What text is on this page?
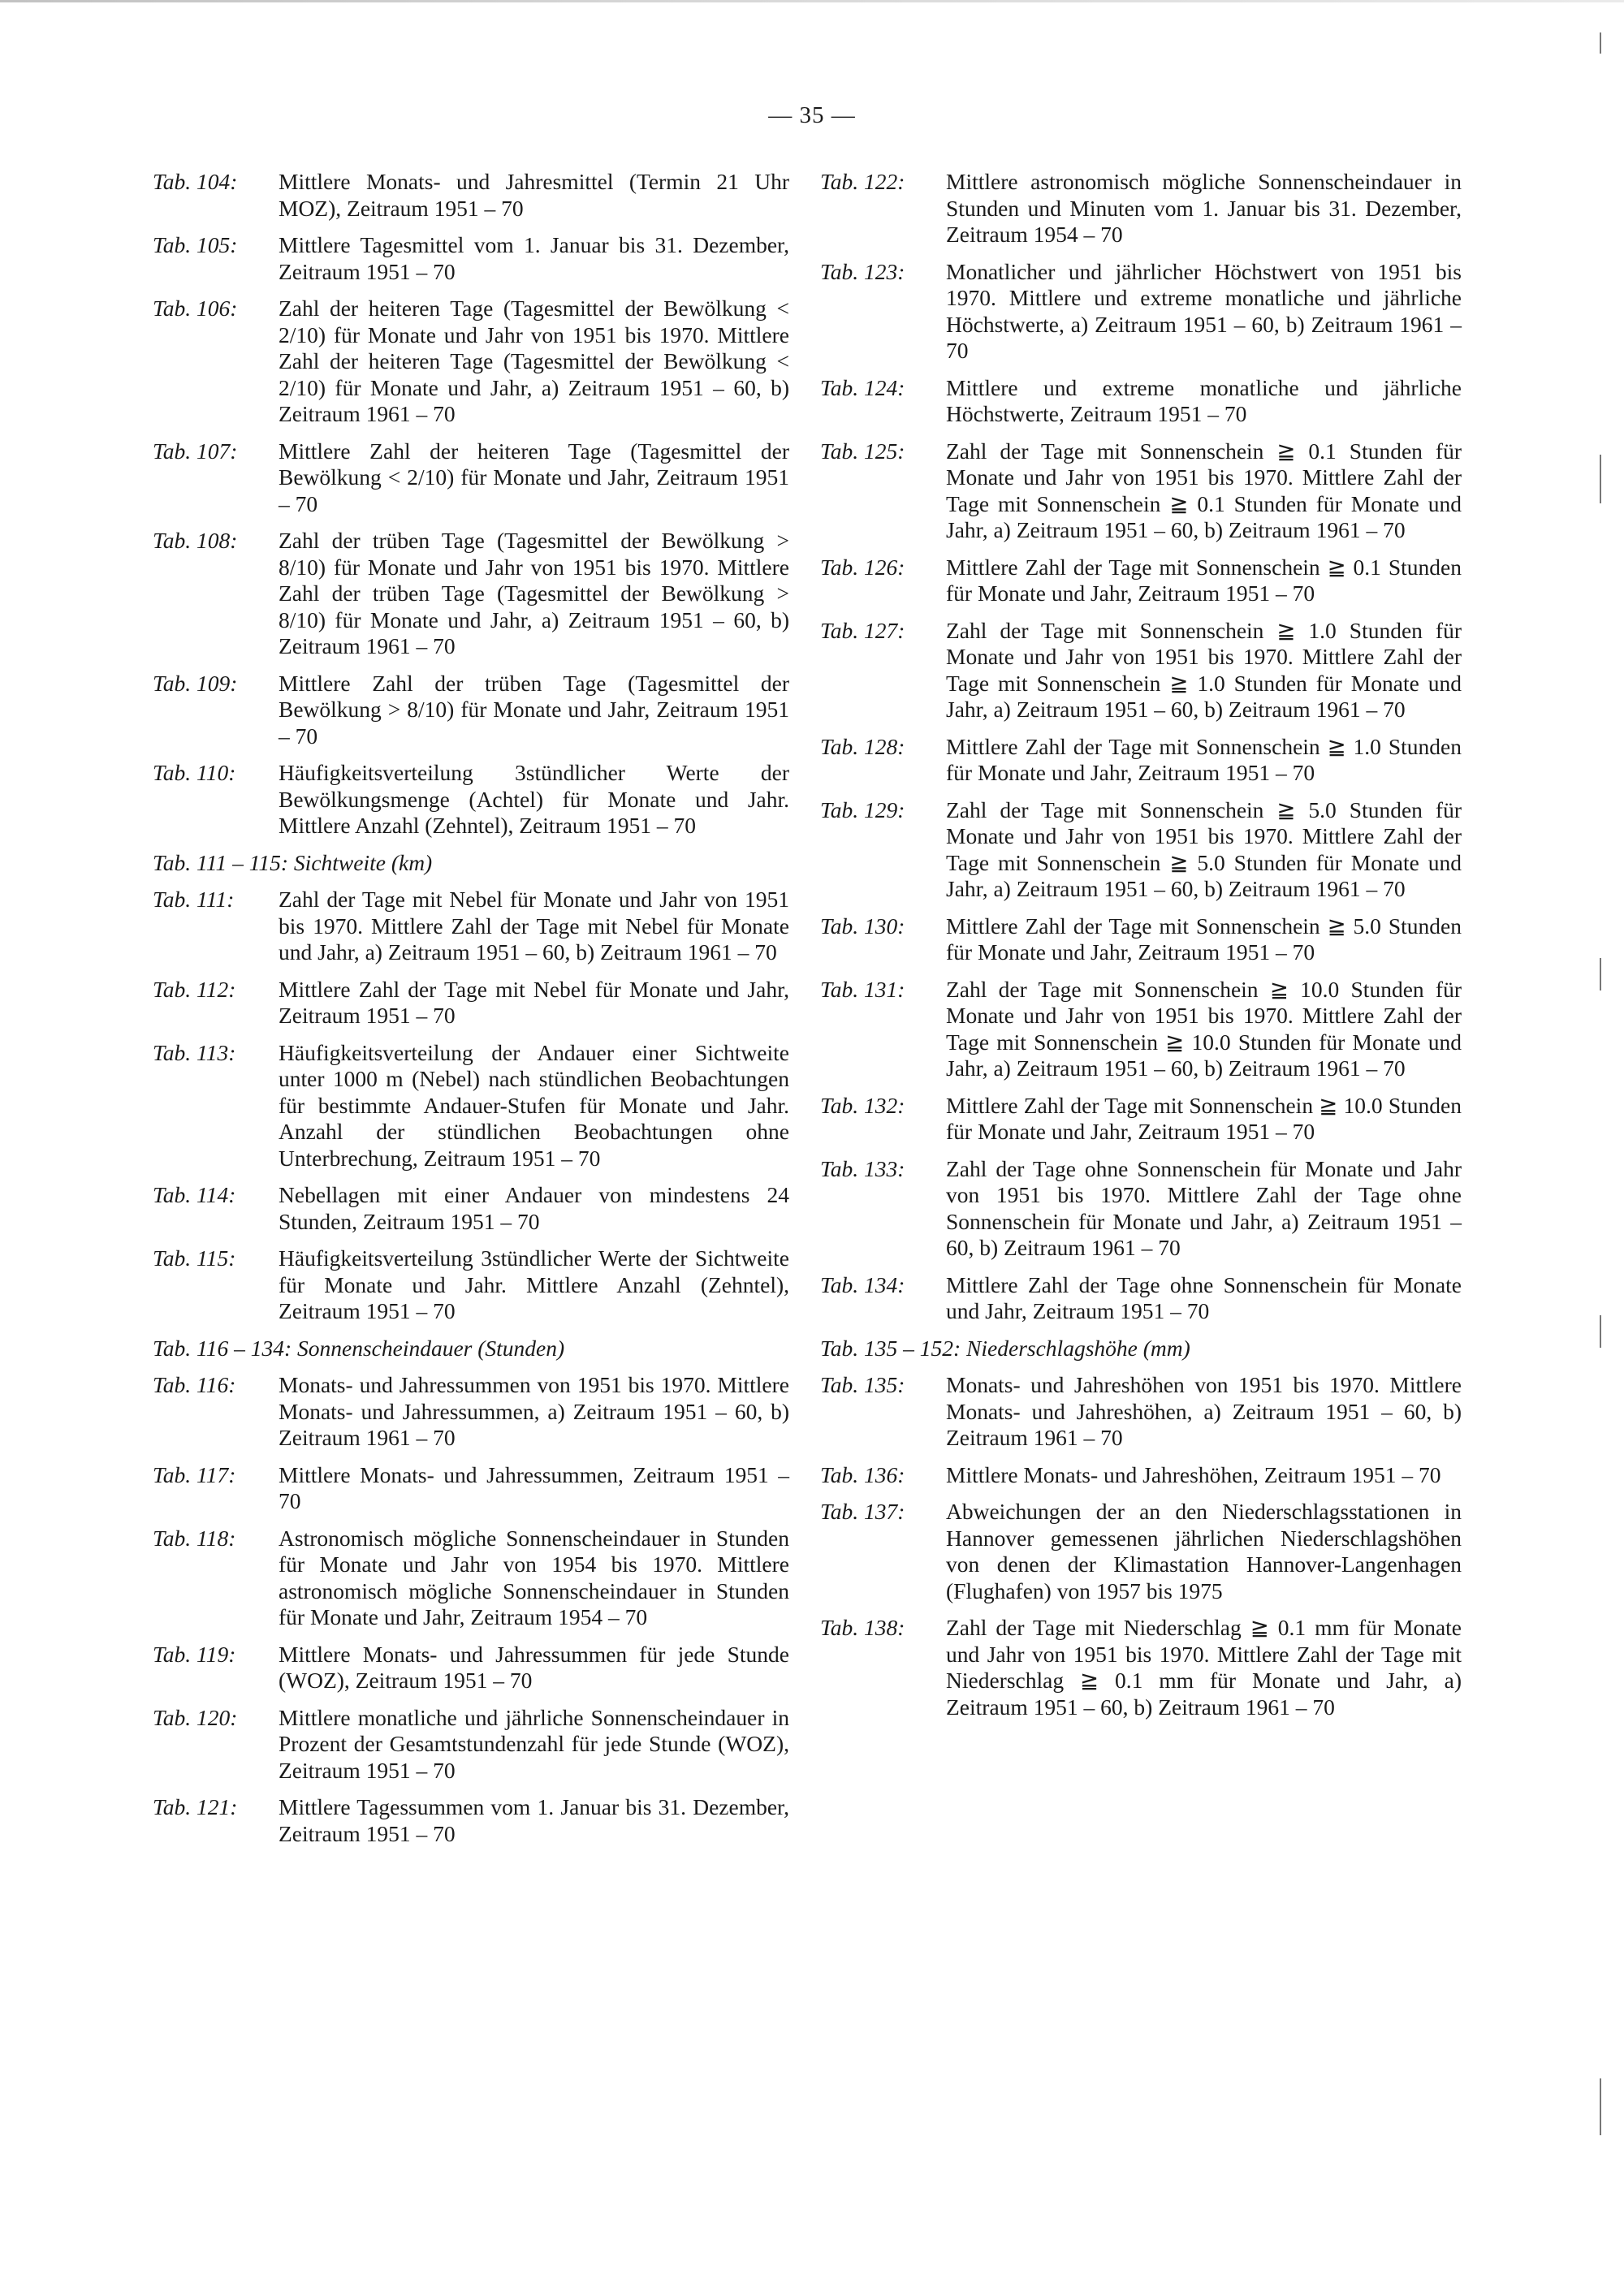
— 35 —
Tab. 104:	Mittlere Monats- und Jahresmittel (Termin 21 Uhr MOZ), Zeitraum 1951 – 70
Tab. 105:	Mittlere Tagesmittel vom 1. Januar bis 31. Dezember, Zeitraum 1951 – 70
Tab. 106:	Zahl der heiteren Tage (Tagesmittel der Bewölkung < 2/10) für Monate und Jahr von 1951 bis 1970. Mittlere Zahl der heiteren Tage (Tagesmittel der Bewölkung < 2/10) für Monate und Jahr, a) Zeitraum 1951 – 60, b) Zeitraum 1961 – 70
Tab. 107:	Mittlere Zahl der heiteren Tage (Tagesmittel der Bewölkung < 2/10) für Monate und Jahr, Zeitraum 1951 – 70
Tab. 108:	Zahl der trüben Tage (Tagesmittel der Bewölkung > 8/10) für Monate und Jahr von 1951 bis 1970. Mittlere Zahl der trüben Tage (Tagesmittel der Bewölkung > 8/10) für Monate und Jahr, a) Zeitraum 1951 – 60, b) Zeitraum 1961 – 70
Tab. 109:	Mittlere Zahl der trüben Tage (Tagesmittel der Bewölkung > 8/10) für Monate und Jahr, Zeitraum 1951 – 70
Tab. 110:	Häufigkeitsverteilung 3stündlicher Werte der Bewölkungsmenge (Achtel) für Monate und Jahr. Mittlere Anzahl (Zehntel), Zeitraum 1951 – 70
Tab. 111 – 115: Sichtweite (km)
Tab. 111:	Zahl der Tage mit Nebel für Monate und Jahr von 1951 bis 1970. Mittlere Zahl der Tage mit Nebel für Monate und Jahr, a) Zeitraum 1951 – 60, b) Zeitraum 1961 – 70
Tab. 112:	Mittlere Zahl der Tage mit Nebel für Monate und Jahr, Zeitraum 1951 – 70
Tab. 113:	Häufigkeitsverteilung der Andauer einer Sichtweite unter 1000 m (Nebel) nach stündlichen Beobachtungen für bestimmte Andauer-Stufen für Monate und Jahr. Anzahl der stündlichen Beobachtungen ohne Unterbrechung, Zeitraum 1951 – 70
Tab. 114:	Nebellagen mit einer Andauer von mindestens 24 Stunden, Zeitraum 1951 – 70
Tab. 115:	Häufigkeitsverteilung 3stündlicher Werte der Sichtweite für Monate und Jahr. Mittlere Anzahl (Zehntel), Zeitraum 1951 – 70
Tab. 116 – 134: Sonnenscheindauer (Stunden)
Tab. 116:	Monats- und Jahressummen von 1951 bis 1970. Mittlere Monats- und Jahressummen, a) Zeitraum 1951 – 60, b) Zeitraum 1961 – 70
Tab. 117:	Mittlere Monats- und Jahressummen, Zeitraum 1951 – 70
Tab. 118:	Astronomisch mögliche Sonnenscheindauer in Stunden für Monate und Jahr von 1954 bis 1970. Mittlere astronomisch mögliche Sonnenscheindauer in Stunden für Monate und Jahr, Zeitraum 1954 – 70
Tab. 119:	Mittlere Monats- und Jahressummen für jede Stunde (WOZ), Zeitraum 1951 – 70
Tab. 120:	Mittlere monatliche und jährliche Sonnenscheindauer in Prozent der Gesamtstundenzahl für jede Stunde (WOZ), Zeitraum 1951 – 70
Tab. 121:	Mittlere Tagessummen vom 1. Januar bis 31. Dezember, Zeitraum 1951 – 70
Tab. 122:	Mittlere astronomisch mögliche Sonnenscheindauer in Stunden und Minuten vom 1. Januar bis 31. Dezember, Zeitraum 1954 – 70
Tab. 123:	Monatlicher und jährlicher Höchstwert von 1951 bis 1970. Mittlere und extreme monatliche und jährliche Höchstwerte, a) Zeitraum 1951 – 60, b) Zeitraum 1961 – 70
Tab. 124:	Mittlere und extreme monatliche und jährliche Höchstwerte, Zeitraum 1951 – 70
Tab. 125:	Zahl der Tage mit Sonnenschein ≧ 0.1 Stunden für Monate und Jahr von 1951 bis 1970. Mittlere Zahl der Tage mit Sonnenschein ≧ 0.1 Stunden für Monate und Jahr, a) Zeitraum 1951 – 60, b) Zeitraum 1961 – 70
Tab. 126:	Mittlere Zahl der Tage mit Sonnenschein ≧ 0.1 Stunden für Monate und Jahr, Zeitraum 1951 – 70
Tab. 127:	Zahl der Tage mit Sonnenschein ≧ 1.0 Stunden für Monate und Jahr von 1951 bis 1970. Mittlere Zahl der Tage mit Sonnenschein ≧ 1.0 Stunden für Monate und Jahr, a) Zeitraum 1951 – 60, b) Zeitraum 1961 – 70
Tab. 128:	Mittlere Zahl der Tage mit Sonnenschein ≧ 1.0 Stunden für Monate und Jahr, Zeitraum 1951 – 70
Tab. 129:	Zahl der Tage mit Sonnenschein ≧ 5.0 Stunden für Monate und Jahr von 1951 bis 1970. Mittlere Zahl der Tage mit Sonnenschein ≧ 5.0 Stunden für Monate und Jahr, a) Zeitraum 1951 – 60, b) Zeitraum 1961 – 70
Tab. 130:	Mittlere Zahl der Tage mit Sonnenschein ≧ 5.0 Stunden für Monate und Jahr, Zeitraum 1951 – 70
Tab. 131:	Zahl der Tage mit Sonnenschein ≧ 10.0 Stunden für Monate und Jahr von 1951 bis 1970. Mittlere Zahl der Tage mit Sonnenschein ≧ 10.0 Stunden für Monate und Jahr, a) Zeitraum 1951 – 60, b) Zeitraum 1961 – 70
Tab. 132:	Mittlere Zahl der Tage mit Sonnenschein ≧ 10.0 Stunden für Monate und Jahr, Zeitraum 1951 – 70
Tab. 133:	Zahl der Tage ohne Sonnenschein für Monate und Jahr von 1951 bis 1970. Mittlere Zahl der Tage ohne Sonnenschein für Monate und Jahr, a) Zeitraum 1951 – 60, b) Zeitraum 1961 – 70
Tab. 134:	Mittlere Zahl der Tage ohne Sonnenschein für Monate und Jahr, Zeitraum 1951 – 70
Tab. 135 – 152: Niederschlagshöhe (mm)
Tab. 135:	Monats- und Jahreshöhen von 1951 bis 1970. Mittlere Monats- und Jahreshöhen, a) Zeitraum 1951 – 60, b) Zeitraum 1961 – 70
Tab. 136:	Mittlere Monats- und Jahreshöhen, Zeitraum 1951 – 70
Tab. 137:	Abweichungen der an den Niederschlagsstationen in Hannover gemessenen jährlichen Niederschlagshöhen von denen der Klimastation Hannover-Langenhagen (Flughafen) von 1957 bis 1975
Tab. 138:	Zahl der Tage mit Niederschlag ≧ 0.1 mm für Monate und Jahr von 1951 bis 1970. Mittlere Zahl der Tage mit Niederschlag ≧ 0.1 mm für Monate und Jahr, a) Zeitraum 1951 – 60, b) Zeitraum 1961 – 70
